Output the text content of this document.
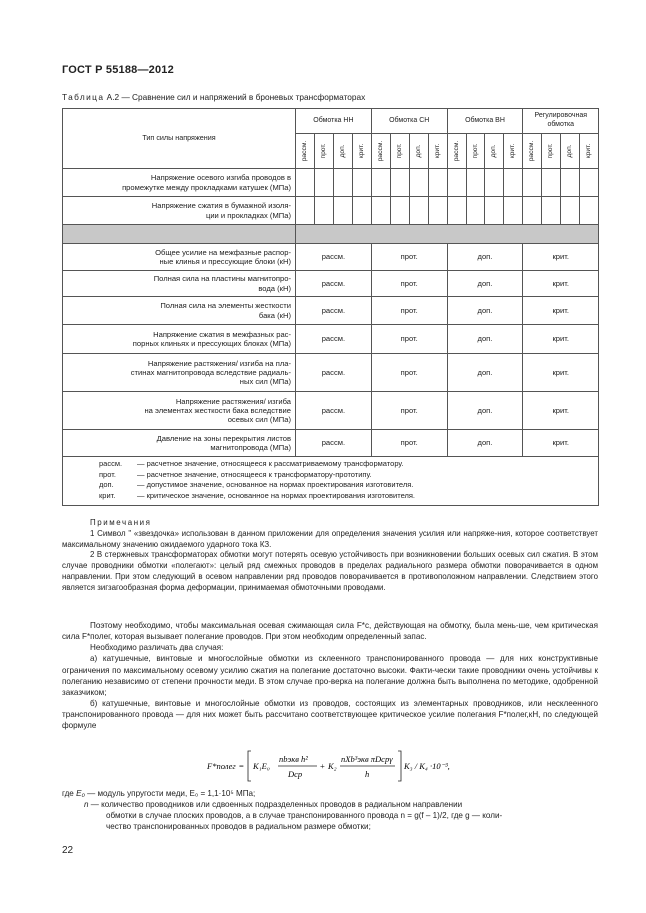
ГОСТ Р 55188—2012
Таблица А.2 — Сравнение сил и напряжений в броневых трансформаторах
Тип силы напряжения	Обмотка НН				Обмотка СН				Обмотка ВН				Регулировочная обмотка			

	рассм.	прот.	доп.	крит.	рассм.	прот.	доп.	крит.	рассм.	прот.	доп.	крит.	рассм.	прот.	доп.	крит.

Напряжение осевого изгиба проводов в
промежутке между прокладками катушек (МПа)																

Напряжение сжатия в бумажной изоля-
ции и прокладках (МПа)																

Общее усилие на межфазные распор-
ные клинья и прессующие блоки (кН)	рассм.				прот.				доп.				крит.			

Полная сила на пластины магнитопро-
вода (кН)	рассм.				прот.				доп.				крит.			

Полная сила на элементы жесткости
бака (кН)	рассм.				прот.				доп.				крит.			

Напряжение сжатия в межфазных рас-
порных клиньях и прессующих блоках (МПа)	рассм.				прот.				доп.				крит.			

Напряжение растяжения/ изгиба на пла-
стинах магнитопровода вследствие радиаль-
ных сил (МПа)	рассм.				прот.				доп.				крит.			

Напряжение растяжения/ изгиба
на элементах жесткости бака вследствие
осевых сил (МПа)	рассм.				прот.				доп.				крит.			

Давление на зоны перекрытия листов
магнитопровода (МПа)	рассм.				прот.				доп.				крит.			

рассм. — расчетное значение, относящееся к рассматриваемому трансформатору.
прот. — расчетное значение, относящееся к трансформатору-прототипу.
доп. — допустимое значение, основанное на нормах проектирования изготовителя.
крит. — критическое значение, основанное на нормах проектирования изготовителя.																

Примечания

1 Символ " «звездочка» использован в данном приложении для определения значения усилия или напряже-ния, которое соответствует максимальному значению ожидаемого ударного тока КЗ.

2 В стержневых трансформаторах обмотки могут потерять осевую устойчивость при возникновении больших осевых сил сжатия. В этом случае проводники обмотки «полегают»: целый ряд смежных проводов в пределах радиального размера обмотки поворачивается в одном направлении. При этом следующий в осевом направлении ряд проводов поворачивается в противоположном направлении. Следствием этого является зигзагообразная форма деформации, принимаемая обмоточными проводами.

Поэтому необходимо, чтобы максимальная осевая сжимающая сила F*c, действующая на обмотку, была мень-ше, чем критическая сила F*полег, которая вызывает полегание проводов. При этом необходим определенный запас.

Необходимо различать два случая:

а) катушечные, винтовые и многослойные обмотки из склеенного транспонированного провода — для них конструктивные ограничения по максимальному осевому усилию сжатия на полегание достаточно высоки. Факти-чески такие проводники очень устойчивы к полеганию независимо от степени прочности меди. В этом случае про-верка на полегание должна быть выполнена по методике, одобренной заказчиком;

б) катушечные, винтовые и многослойные обмотки из проводов, состоящих из элементарных проводников, или несклеенного транспонированного провода — для них может быть рассчитано соответствующее критическое усилие полегания F*полег,кН, по следующей формуле

F*полег = K₁E₀
nbэкв h²
Dср
+ K₂
nXb³экв πDсрγ
h
K₃ / K₄ ·10⁻³,

где E₀ — модуль упругости меди, E₀ = 1,1·10⁵ МПа;

n — количество проводников или сдвоенных подразделенных проводов в радиальном направлении

обмотки в случае плоских проводов, а в случае транспонированного провода n = g(f – 1)/2, где g — коли-

чество транспонированных проводов в радиальном размере обмотки;

22
